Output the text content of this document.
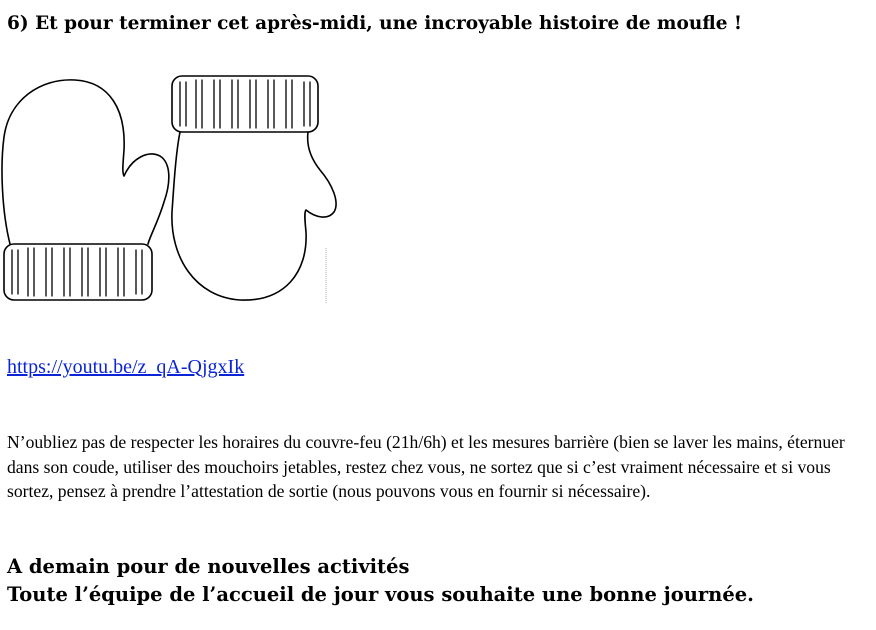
6) Et pour terminer cet après-midi, une incroyable histoire de moufle !
https://youtu.be/z_qA-QjgxIk

N’oubliez pas de respecter les horaires du couvre-feu (21h/6h) et les mesures barrière (bien se laver les mains, éternuer dans son coude, utiliser des mouchoirs jetables, restez chez vous, ne sortez que si c’est vraiment nécessaire et si vous sortez, pensez à prendre l’attestation de sortie (nous pouvons vous en fournir si nécessaire).

A demain pour de nouvelles activités
Toute l’équipe de l’accueil de jour vous souhaite une bonne journée.
